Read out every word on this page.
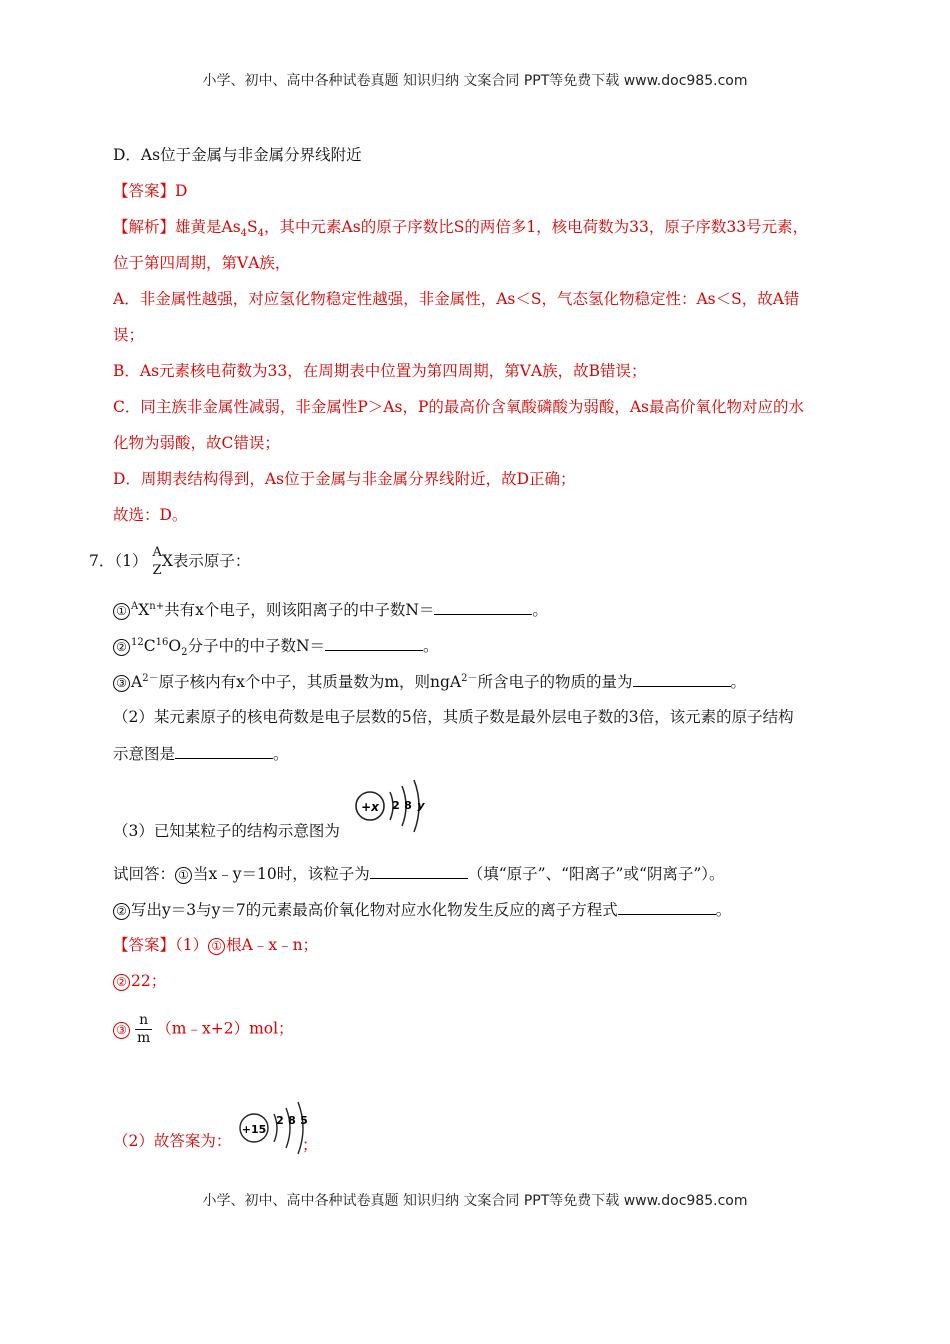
小学、初中、高中各种试卷真题 知识归纳 文案合同 PPT等免费下载 www.doc985.com
D．As位于金属与非金属分界线附近
【答案】D
【解析】雄黄是$As_4S_4$，其中元素As的原子序数比S的两倍多1，核电荷数为33，原子序数33号元素，
位于第四周期，第ⅤA族，
A．非金属性越强，对应氢化物稳定性越强，非金属性，As＜S，气态氢化物稳定性：As＜S，故A错
误；
B．As元素核电荷数为33，在周期表中位置为第四周期，第ⅤA族，故B错误；
C．同主族非金属性减弱，非金属性P＞As，P的最高价含氧酸磷酸为弱酸，As最高价氧化物对应的水
化物为弱酸，故C错误；
D．周期表结构得到，As位于金属与非金属分界线附近，故D正确；
故选：D。
7．（1） A
Z
X表示原子：
① $^AX^{n+}$共有x个电子，则该阳离子的中子数N＝	。
② $^{12}C^{16}O_2$分子中的中子数N＝	。
③ $A^{2-}$原子核内有x个中子，其质量数为m，则ngA$^{2-}$所含电子的物质的量为	。
（2）某元素原子的核电荷数是电子层数的5倍，其质子数是最外层电子数的3倍，该元素的原子结构
示意图是	。
（3）已知某粒子的结构示意图为
+x 2 8 y
试回答： ① 当x﹣y＝10时，该粒子为	（填“原子”、“阳离子”或“阴离子”）。
② 写出y＝3与y＝7的元素最高价氧化物对应水化物发生反应的离子方程式	。
【答案】（1） ① 根A﹣x﹣n；
② 22；
③ $\frac{n}{m}$ （m﹣x+2）mol；
（2）故答案为：
+15
2 8 5
；
小学、初中、高中各种试卷真题 知识归纳 文案合同 PPT等免费下载 www.doc985.com
